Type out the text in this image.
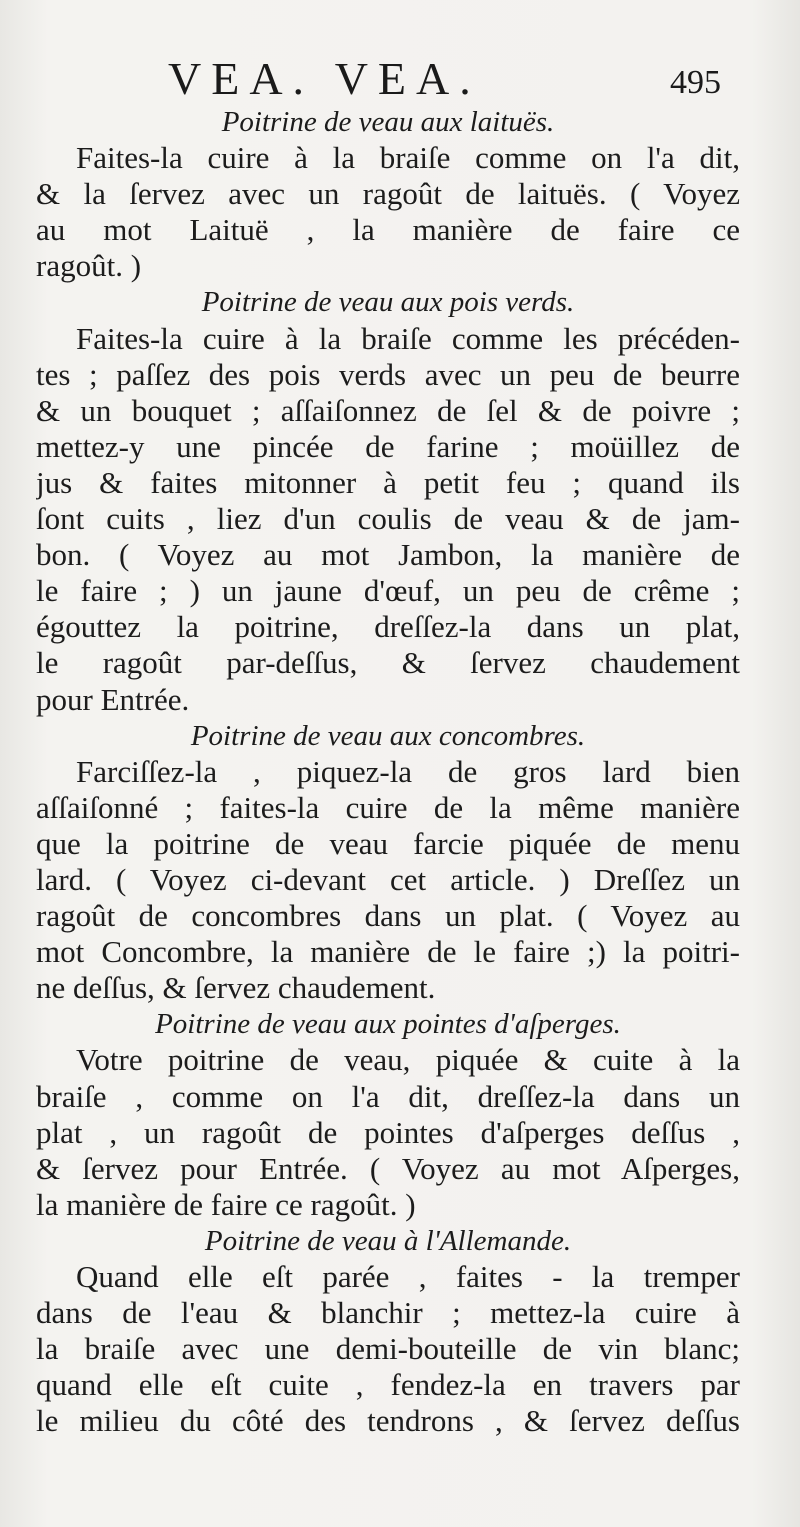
VEA. VEA.	495
Poitrine de veau aux laituës.
Faites-la cuire à la braiſe comme on l'a dit,
& la ſervez avec un ragoût de laituës. ( Voyez
au mot Laituë , la manière de faire ce
ragoût. )
Poitrine de veau aux pois verds.
Faites-la cuire à la braiſe comme les précéden-
tes ; paſſez des pois verds avec un peu de beurre
& un bouquet ; aſſaiſonnez de ſel & de poivre ;
mettez-y une pincée de farine ; moüillez de
jus & faites mitonner à petit feu ; quand ils
ſont cuits , liez d'un coulis de veau & de jam-
bon. ( Voyez au mot Jambon, la manière de
le faire ; ) un jaune d'œuf, un peu de crême ;
égouttez la poitrine, dreſſez-la dans un plat,
le ragoût par-deſſus, & ſervez chaudement
pour Entrée.
Poitrine de veau aux concombres.
Farciſſez-la , piquez-la de gros lard bien
aſſaiſonné ; faites-la cuire de la même manière
que la poitrine de veau farcie piquée de menu
lard. ( Voyez ci-devant cet article. ) Dreſſez un
ragoût de concombres dans un plat. ( Voyez au
mot Concombre, la manière de le faire ;) la poitri-
ne deſſus, & ſervez chaudement.
Poitrine de veau aux pointes d'aſperges.
Votre poitrine de veau, piquée & cuite à la
braiſe , comme on l'a dit, dreſſez-la dans un
plat , un ragoût de pointes d'aſperges deſſus ,
& ſervez pour Entrée. ( Voyez au mot Aſperges,
la manière de faire ce ragoût. )
Poitrine de veau à l'Allemande.
Quand elle eſt parée , faites - la tremper
dans de l'eau & blanchir ; mettez-la cuire à
la braiſe avec une demi-bouteille de vin blanc;
quand elle eſt cuite , fendez-la en travers par
le milieu du côté des tendrons , & ſervez deſſus
